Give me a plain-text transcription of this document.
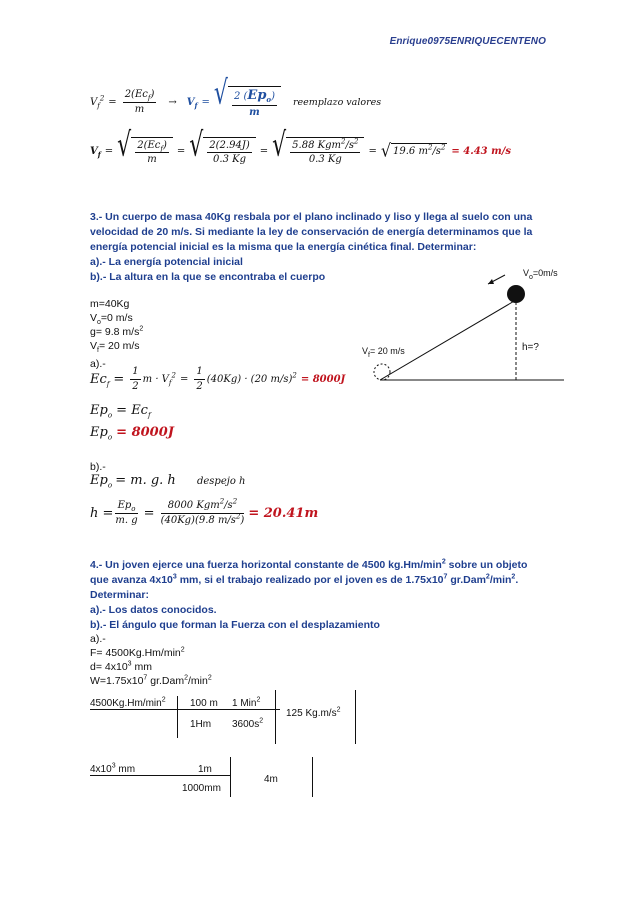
Enrique0975ENRIQUECENTENO
$V_f^2 = \frac{2(Ec_f)}{m} \to V_f$ = √ $\frac{2 (Ep_o)}{m}$ reemplazo valores
$V_f$ = √ $\frac{2(Ec_f)}{m}$ = √ $\frac{2(2.94J)}{0.3 Kg}$ = √ $\frac{5.88 Kgm^2/s^2}{0.3 Kg}$ = √ 19.6 $m^2/s^2 = 4.43$ m/s
3.- Un cuerpo de masa 40Kg resbala por el plano inclinado y liso y llega al suelo con una
velocidad de 20 m/s. Si mediante la ley de conservación de energía determinamos que la
energía potencial inicial es la misma que la energía cinética final. Determinar:
a).- La energía potencial inicial
b).- La altura en la que se encontraba el cuerpo
m=40Kg
$V_o=0$ m/s
g= 9.8 $m/s^2$
$V_f= 20$ m/s
a).-
$V_o=0m/s$
$V_f= 20$ m/s	h=?
$Ec_f = \frac{1}{2}$ $m \cdot V_f^2 = \frac{1}{2} (40Kg) \cdot (20$ m/s)$^2$ = 8000J
$Ep_o = Ec_f$
$Ep_o = 8000J$
b).-
$Ep_o = m$. g. h despejo h
$h = \frac{Ep_o}{m. g} = \frac{8000 Kgm^2/s^2}{(40Kg)(9.8 m/s^2)} = 20.41m$
4.- Un joven ejerce una fuerza horizontal constante de 4500 $kg.Hm/\min^2$ sobre un objeto
que avanza $4x10^3$ mm, si el trabajo realizado por el joven es de $1.75x10^7$ $gr.Dam^2/\min^2$.
Determinar:
a).- Los datos conocidos.
b).- El ángulo que forman la Fuerza con el desplazamiento
a).-
$F= 4500Kg.Hm/\min^2$
$d= 4x10^3$ mm
$W=1.75x10^7$ $gr.Dam^2/\min^2$
$4500Kg.Hm/\min^2$ 100 m 1 Min$^2$
1Hm $3600s^2$
125 $Kg.m/s^2$
$4x10^3$ mm	1m
1000mm
4m
